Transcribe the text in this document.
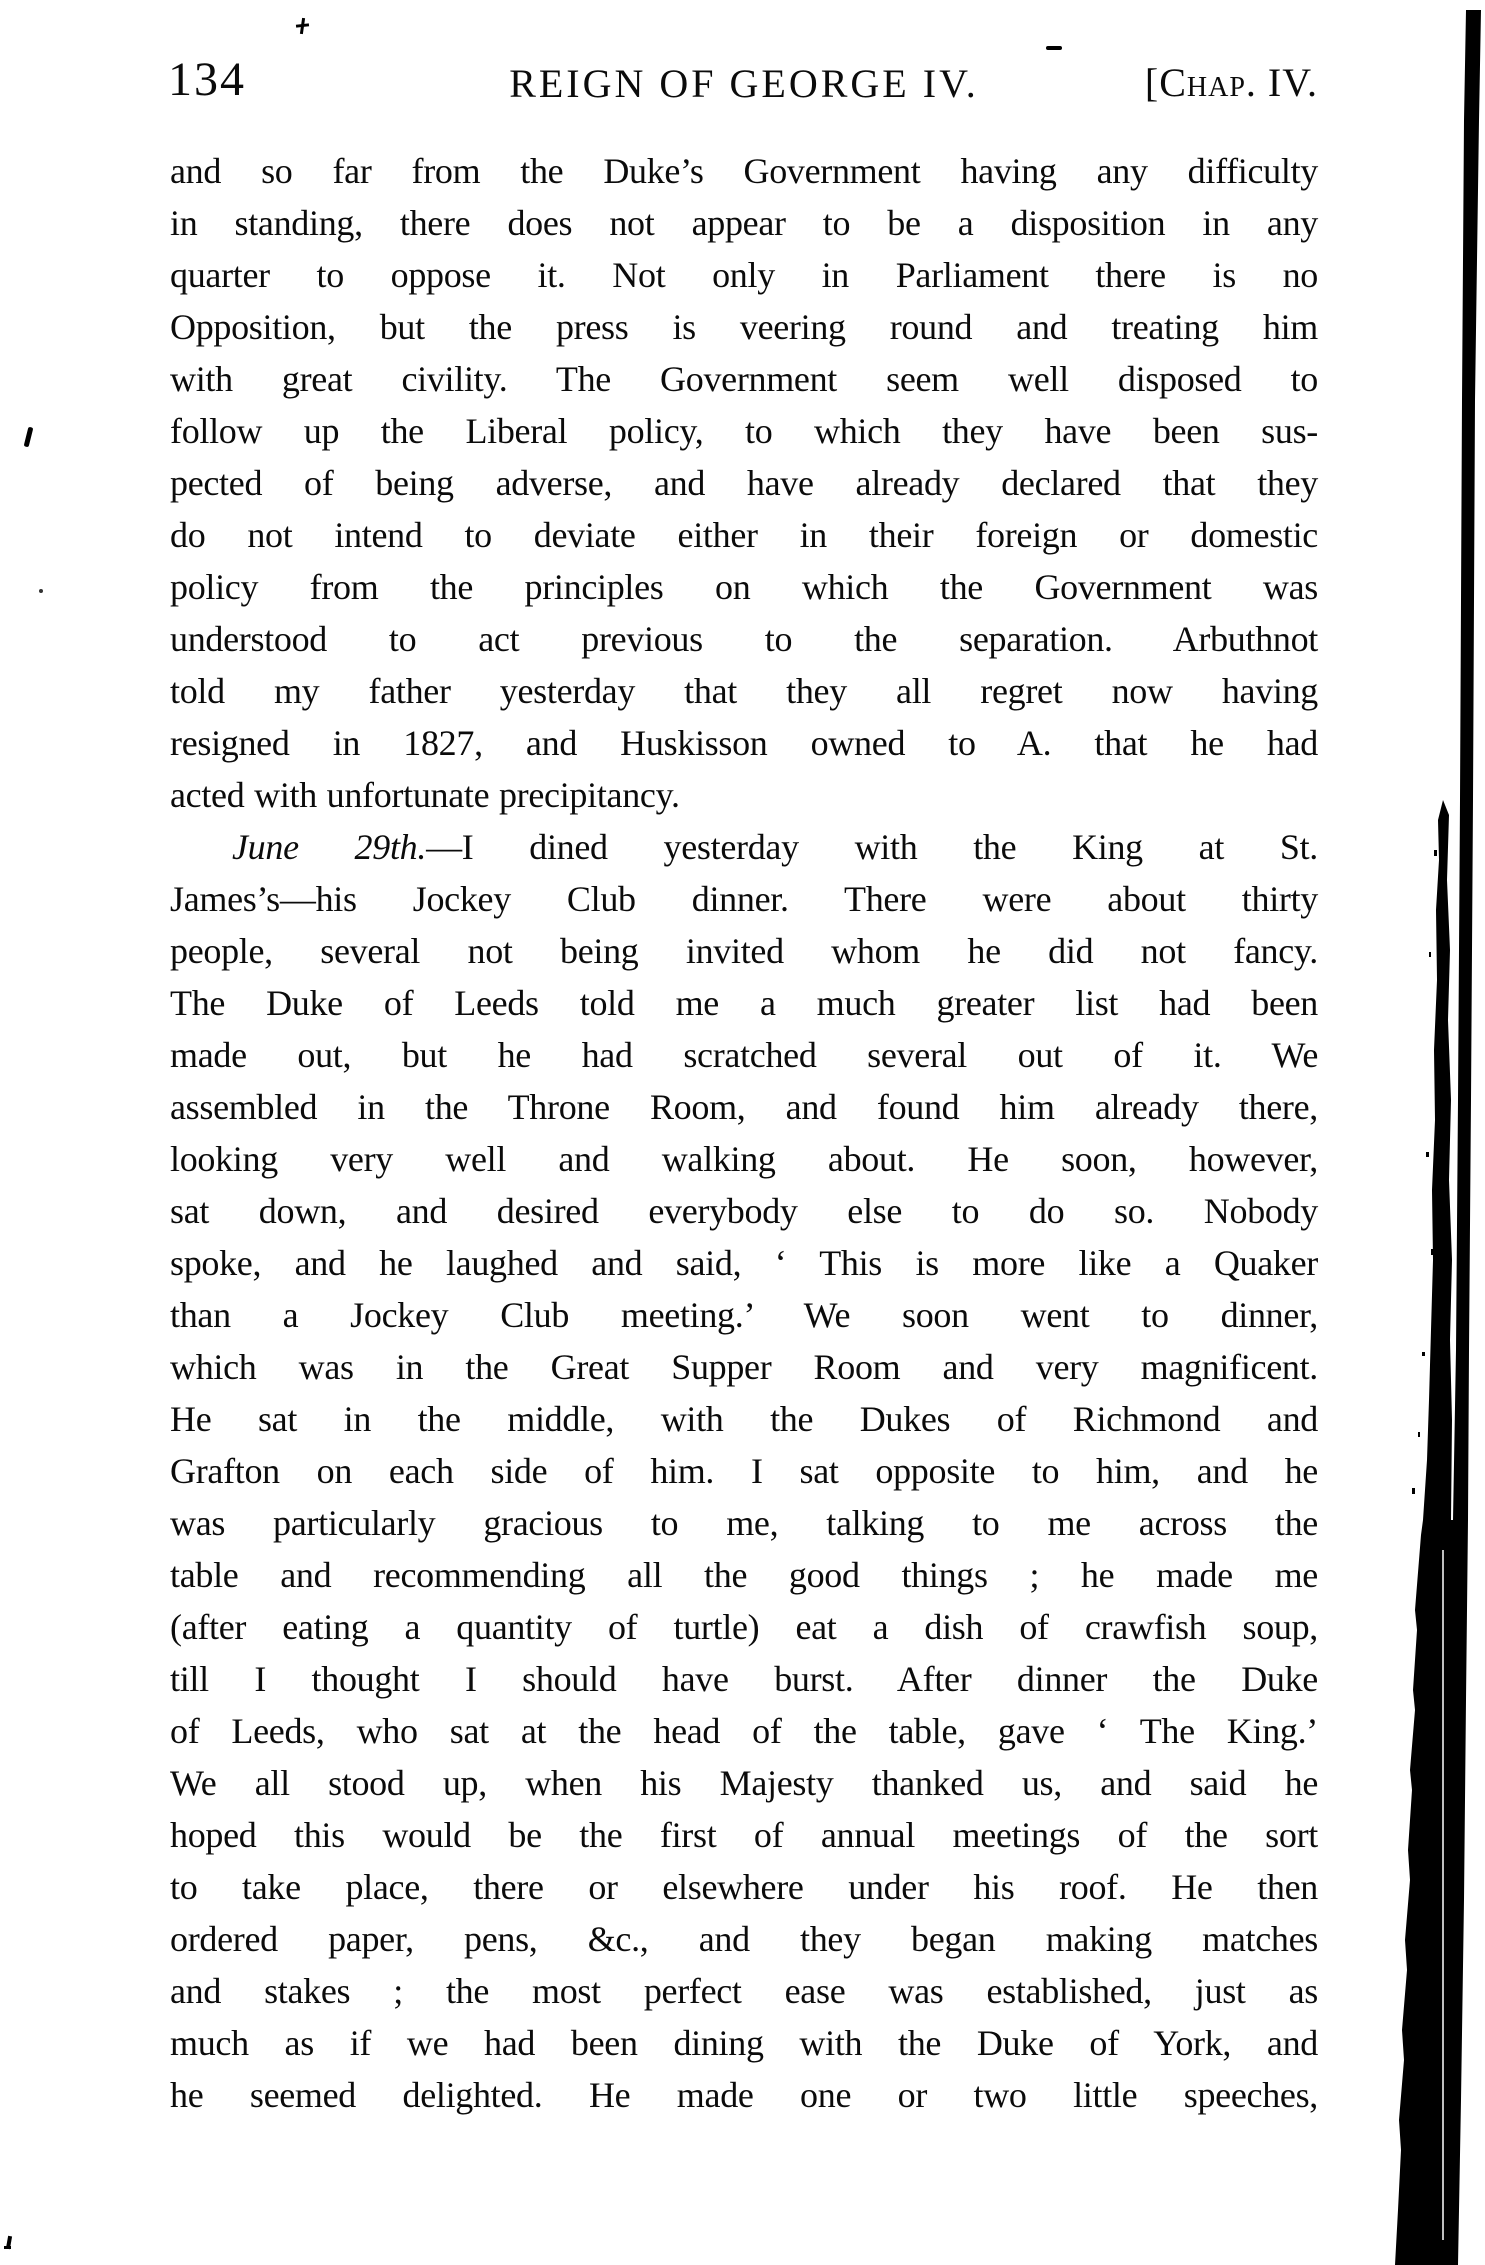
134	REIGN OF GEORGE IV.	[Chap. IV.
and so far from the Duke’s Government having any difficulty
in standing, there does not appear to be a disposition in any
quarter to oppose it. Not only in Parliament there is no
Opposition, but the press is veering round and treating him
with great civility. The Government seem well disposed to
follow up the Liberal policy, to which they have been sus-
pected of being adverse, and have already declared that they
do not intend to deviate either in their foreign or domestic
policy from the principles on which the Government was
understood to act previous to the separation. Arbuthnot
told my father yesterday that they all regret now having
resigned in 1827, and Huskisson owned to A. that he had
acted with unfortunate precipitancy.
June 29th.—I dined yesterday with the King at St.
James’s—his Jockey Club dinner. There were about thirty
people, several not being invited whom he did not fancy.
The Duke of Leeds told me a much greater list had been
made out, but he had scratched several out of it. We
assembled in the Throne Room, and found him already there,
looking very well and walking about. He soon, however,
sat down, and desired everybody else to do so. Nobody
spoke, and he laughed and said, ‘ This is more like a Quaker
than a Jockey Club meeting.’ We soon went to dinner,
which was in the Great Supper Room and very magnificent.
He sat in the middle, with the Dukes of Richmond and
Grafton on each side of him. I sat opposite to him, and he
was particularly gracious to me, talking to me across the
table and recommending all the good things ; he made me
(after eating a quantity of turtle) eat a dish of crawfish soup,
till I thought I should have burst. After dinner the Duke
of Leeds, who sat at the head of the table, gave ‘ The King.’
We all stood up, when his Majesty thanked us, and said he
hoped this would be the first of annual meetings of the sort
to take place, there or elsewhere under his roof. He then
ordered paper, pens, &c., and they began making matches
and stakes ; the most perfect ease was established, just as
much as if we had been dining with the Duke of York, and
he seemed delighted. He made one or two little speeches,
